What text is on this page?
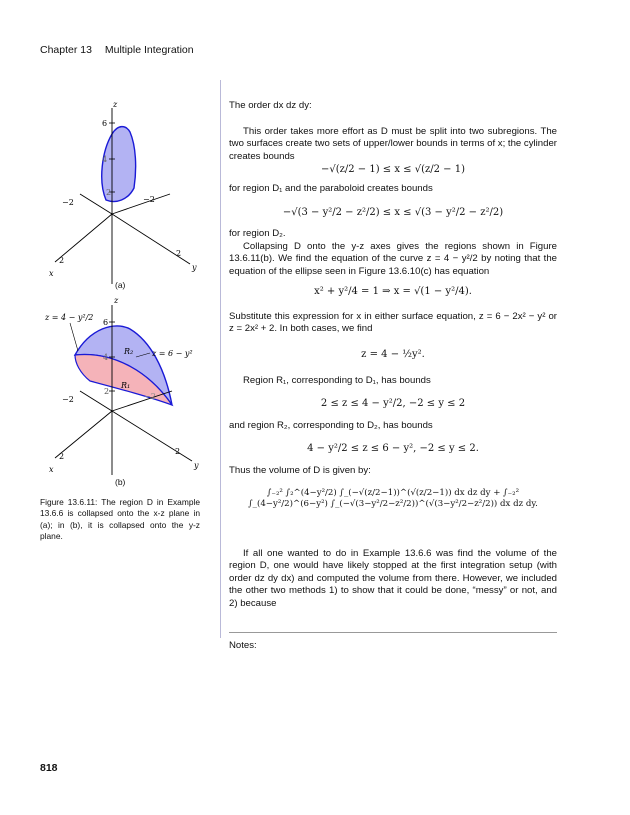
Chapter 13 Multiple Integration
z
6
4
2
−2	−2
2
2
x
y
(a)
z
z = 4 − y²/2
z = 6 − y²
6
4
2
R₂
R₁
−2	−2
2
2
x	y
(b)
Figure 13.6.11: The region D in Example 13.6.6 is collapsed onto the x-z plane in (a); in (b), it is collapsed onto the y-z plane.
The order dx dz dy:

This order takes more effort as D must be split into two subregions. The two surfaces create two sets of upper/lower bounds in terms of x; the cylinder creates bounds

−√(z/2 − 1) ≤ x ≤ √(z/2 − 1)
for region D₁ and the paraboloid creates bounds
−√(3 − y²/2 − z²/2) ≤ x ≤ √(3 − y²/2 − z²/2)
for region D₂.

Collapsing D onto the y-z axes gives the regions shown in Figure 13.6.11(b). We find the equation of the curve z = 4 − y²/2 by noting that the equation of the ellipse seen in Figure 13.6.10(c) has equation

x² + y²/4 = 1 ⇒ x = √(1 − y²/4).

Substitute this expression for x in either surface equation, z = 6 − 2x² − y² or z = 2x² + 2. In both cases, we find

z = 4 − ½y².

Region R₁, corresponding to D₁, has bounds

2 ≤ z ≤ 4 − y²/2, −2 ≤ y ≤ 2
and region R₂, corresponding to D₂, has bounds
4 − y²/2 ≤ z ≤ 6 − y², −2 ≤ y ≤ 2.
Thus the volume of D is given by:
∫₋₂² ∫₂^(4−y²/2) ∫_(−√(z/2−1))^(√(z/2−1)) dx dz dy + ∫₋₂² ∫_(4−y²/2)^(6−y²) ∫_(−√(3−y²/2−z²/2))^(√(3−y²/2−z²/2)) dx dz dy.

If all one wanted to do in Example 13.6.6 was find the volume of the region D, one would have likely stopped at the first integration setup (with order dz dy dx) and computed the volume from there. However, we included the other two methods 1) to show that it could be done, “messy” or not, and 2) because

Notes:
818
